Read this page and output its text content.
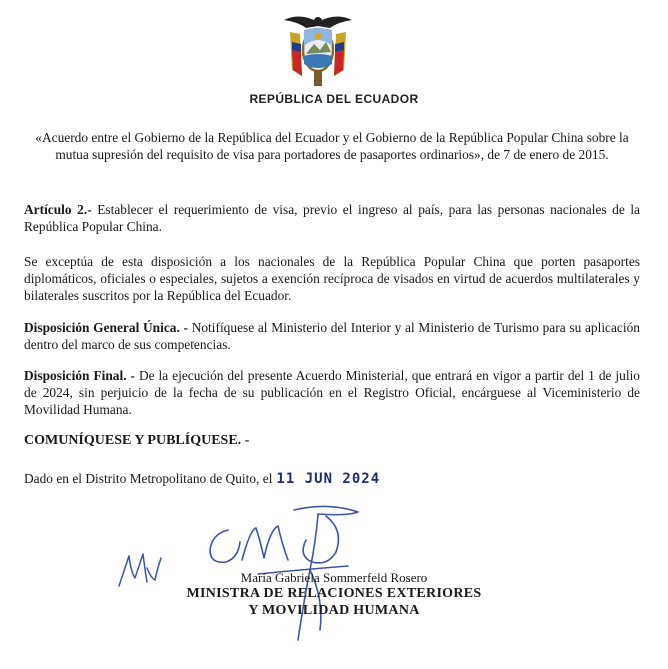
REPÚBLICA DEL ECUADOR

«Acuerdo entre el Gobierno de la República del Ecuador y el Gobierno de la República Popular China sobre la mutua supresión del requisito de visa para portadores de pasaportes ordinarios», de 7 de enero de 2015.

Artículo 2.- Establecer el requerimiento de visa, previo el ingreso al país, para las personas nacionales de la República Popular China.

Se exceptúa de esta disposición a los nacionales de la República Popular China que porten pasaportes diplomáticos, oficiales o especiales, sujetos a exención recíproca de visados en virtud de acuerdos multilaterales y bilaterales suscritos por la República del Ecuador.

Disposición General Única. - Notifíquese al Ministerio del Interior y al Ministerio de Turismo para su aplicación dentro del marco de sus competencias.

Disposición Final. - De la ejecución del presente Acuerdo Ministerial, que entrará en vigor a partir del 1 de julio de 2024, sin perjuicio de la fecha de su publicación en el Registro Oficial, encárguese al Viceministerio de Movilidad Humana.

COMUNÍQUESE Y PUBLÍQUESE. -

Dado en el Distrito Metropolitano de Quito, el 11 JUN 2024

María Gabriela Sommerfeld Rosero

MINISTRA DE RELACIONES EXTERIORES

Y MOVILIDAD HUMANA
